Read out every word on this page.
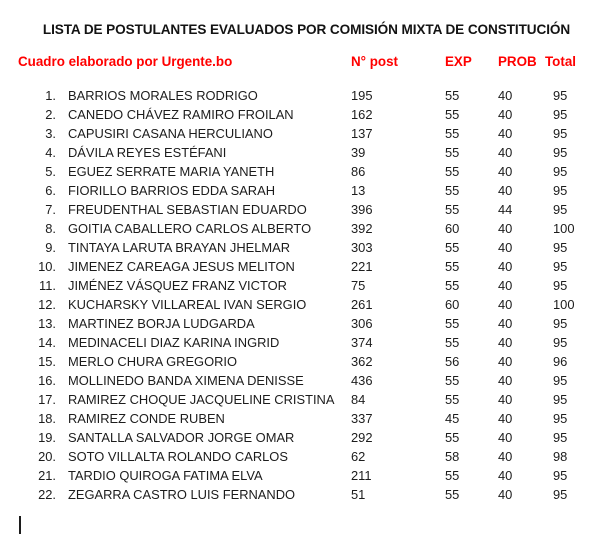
LISTA DE POSTULANTES EVALUADOS POR COMISIÓN MIXTA DE CONSTITUCIÓN
Cuadro elaborado por Urgente.bo	N° post	EXP	PROB Total
1. BARRIOS MORALES RODRIGO	195	55	40	95
2. CANEDO CHÁVEZ RAMIRO FROILAN	162	55	40	95
3. CAPUSIRI CASANA HERCULIANO	137	55	40	95
4. DÁVILA REYES ESTÉFANI	39	55	40	95
5. EGUEZ SERRATE MARIA YANETH	86	55	40	95
6. FIORILLO BARRIOS EDDA SARAH	13	55	40	95
7. FREUDENTHAL SEBASTIAN EDUARDO	396	55	44	95
8. GOITIA CABALLERO CARLOS ALBERTO	392	60	40	100
9. TINTAYA LARUTA BRAYAN JHELMAR	303	55	40	95
10. JIMENEZ CAREAGA JESUS MELITON	221	55	40	95
11. JIMÉNEZ VÁSQUEZ FRANZ VICTOR	75	55	40	95
12. KUCHARSKY VILLAREAL IVAN SERGIO	261	60	40	100
13. MARTINEZ BORJA LUDGARDA	306	55	40	95
14. MEDINACELI DIAZ KARINA INGRID	374	55	40	95
15. MERLO CHURA GREGORIO	362	56	40	96
16. MOLLINEDO BANDA XIMENA DENISSE	436	55	40	95
17. RAMIREZ CHOQUE JACQUELINE CRISTINA	84	55	40	95
18. RAMIREZ CONDE RUBEN	337	45	40	95
19. SANTALLA SALVADOR JORGE OMAR	292	55	40	95
20. SOTO VILLALTA ROLANDO CARLOS	62	58	40	98
21. TARDIO QUIROGA FATIMA ELVA	211	55	40	95
22. ZEGARRA CASTRO LUIS FERNANDO	51	55	40	95
